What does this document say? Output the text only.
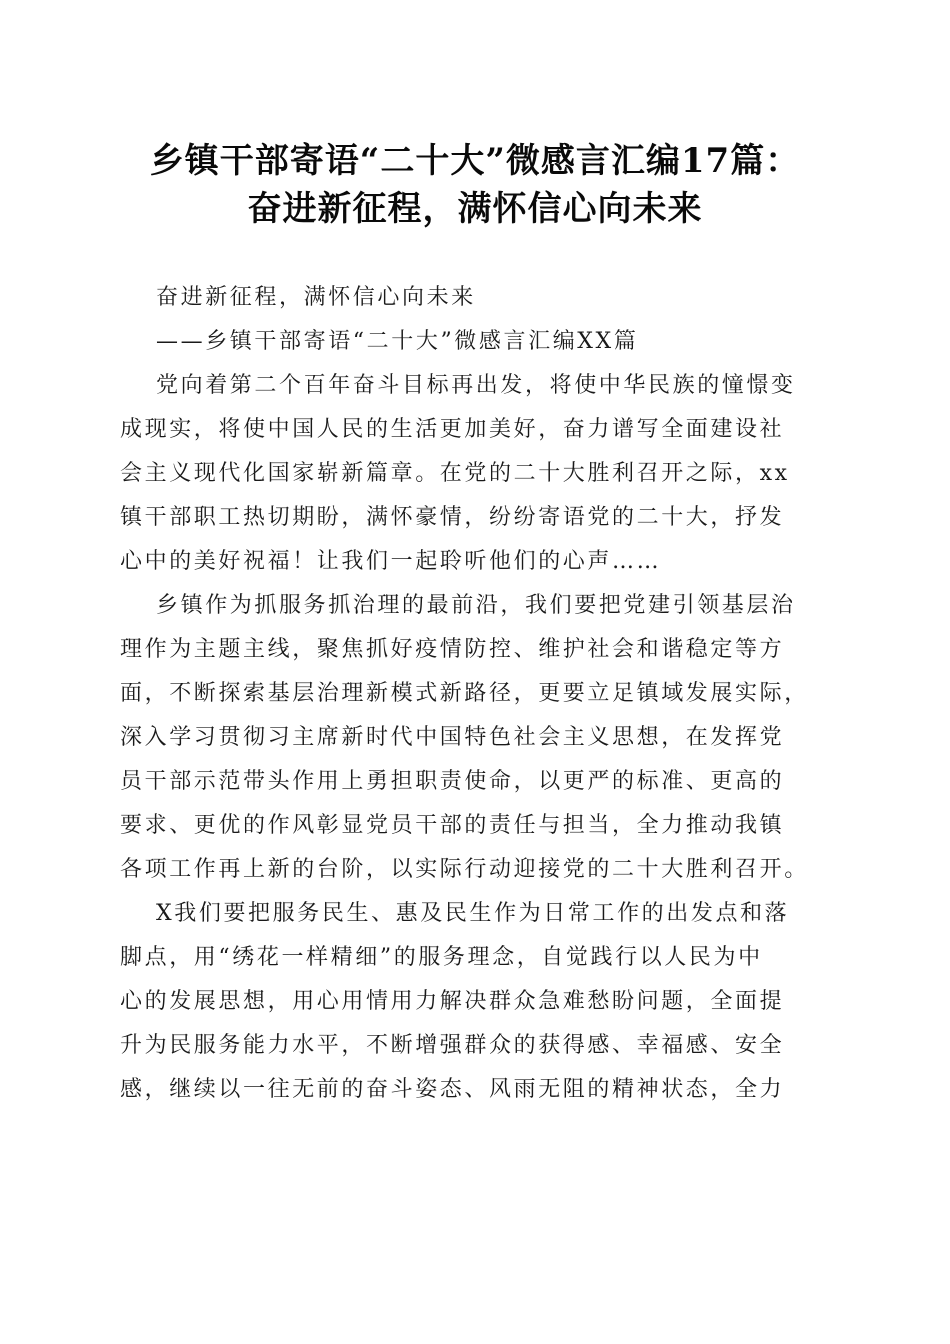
乡镇干部寄语“二十大”微感言汇编17篇：
奋进新征程，满怀信心向未来
奋进新征程，满怀信心向未来
——乡镇干部寄语“二十大”微感言汇编XX篇
党向着第二个百年奋斗目标再出发，将使中华民族的憧憬变
成现实，将使中国人民的生活更加美好，奋力谱写全面建设社
会主义现代化国家崭新篇章。在党的二十大胜利召开之际，xx
镇干部职工热切期盼，满怀豪情，纷纷寄语党的二十大，抒发
心中的美好祝福！让我们一起聆听他们的心声……
乡镇作为抓服务抓治理的最前沿，我们要把党建引领基层治
理作为主题主线，聚焦抓好疫情防控、维护社会和谐稳定等方
面，不断探索基层治理新模式新路径，更要立足镇域发展实际，
深入学习贯彻习主席新时代中国特色社会主义思想，在发挥党
员干部示范带头作用上勇担职责使命，以更严的标准、更高的
要求、更优的作风彰显党员干部的责任与担当，全力推动我镇
各项工作再上新的台阶，以实际行动迎接党的二十大胜利召开。
X我们要把服务民生、惠及民生作为日常工作的出发点和落
脚点，用“绣花一样精细”的服务理念，自觉践行以人民为中
心的发展思想，用心用情用力解决群众急难愁盼问题，全面提
升为民服务能力水平，不断增强群众的获得感、幸福感、安全
感，继续以一往无前的奋斗姿态、风雨无阻的精神状态，全力
